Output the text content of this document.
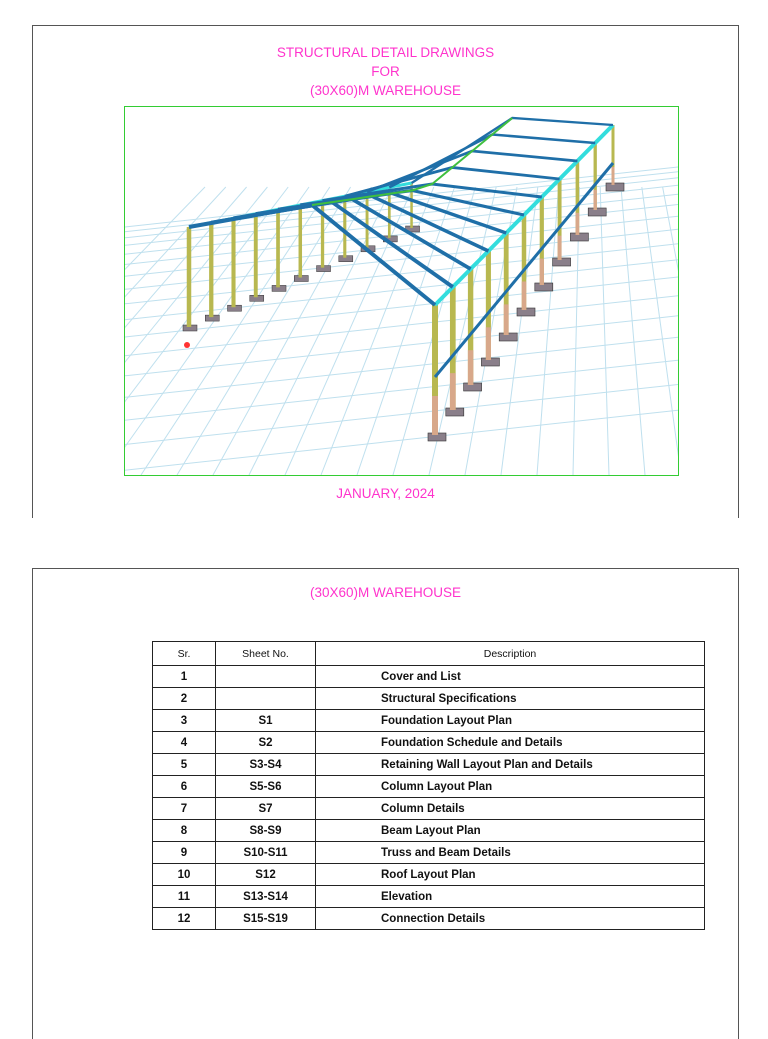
STRUCTURAL DETAIL DRAWINGS
FOR
(30X60)M WAREHOUSE
JANUARY, 2024
(30X60)M WAREHOUSE
Sr.	Sheet No.	Description
1		Cover and List
2		Structural Specifications
3	S1	Foundation Layout Plan
4	S2	Foundation Schedule and Details
5	S3-S4	Retaining Wall Layout Plan and Details
6	S5-S6	Column Layout Plan
7	S7	Column Details
8	S8-S9	Beam Layout Plan
9	S10-S11	Truss and Beam Details
10	S12	Roof Layout Plan
11	S13-S14	Elevation
12	S15-S19	Connection Details
